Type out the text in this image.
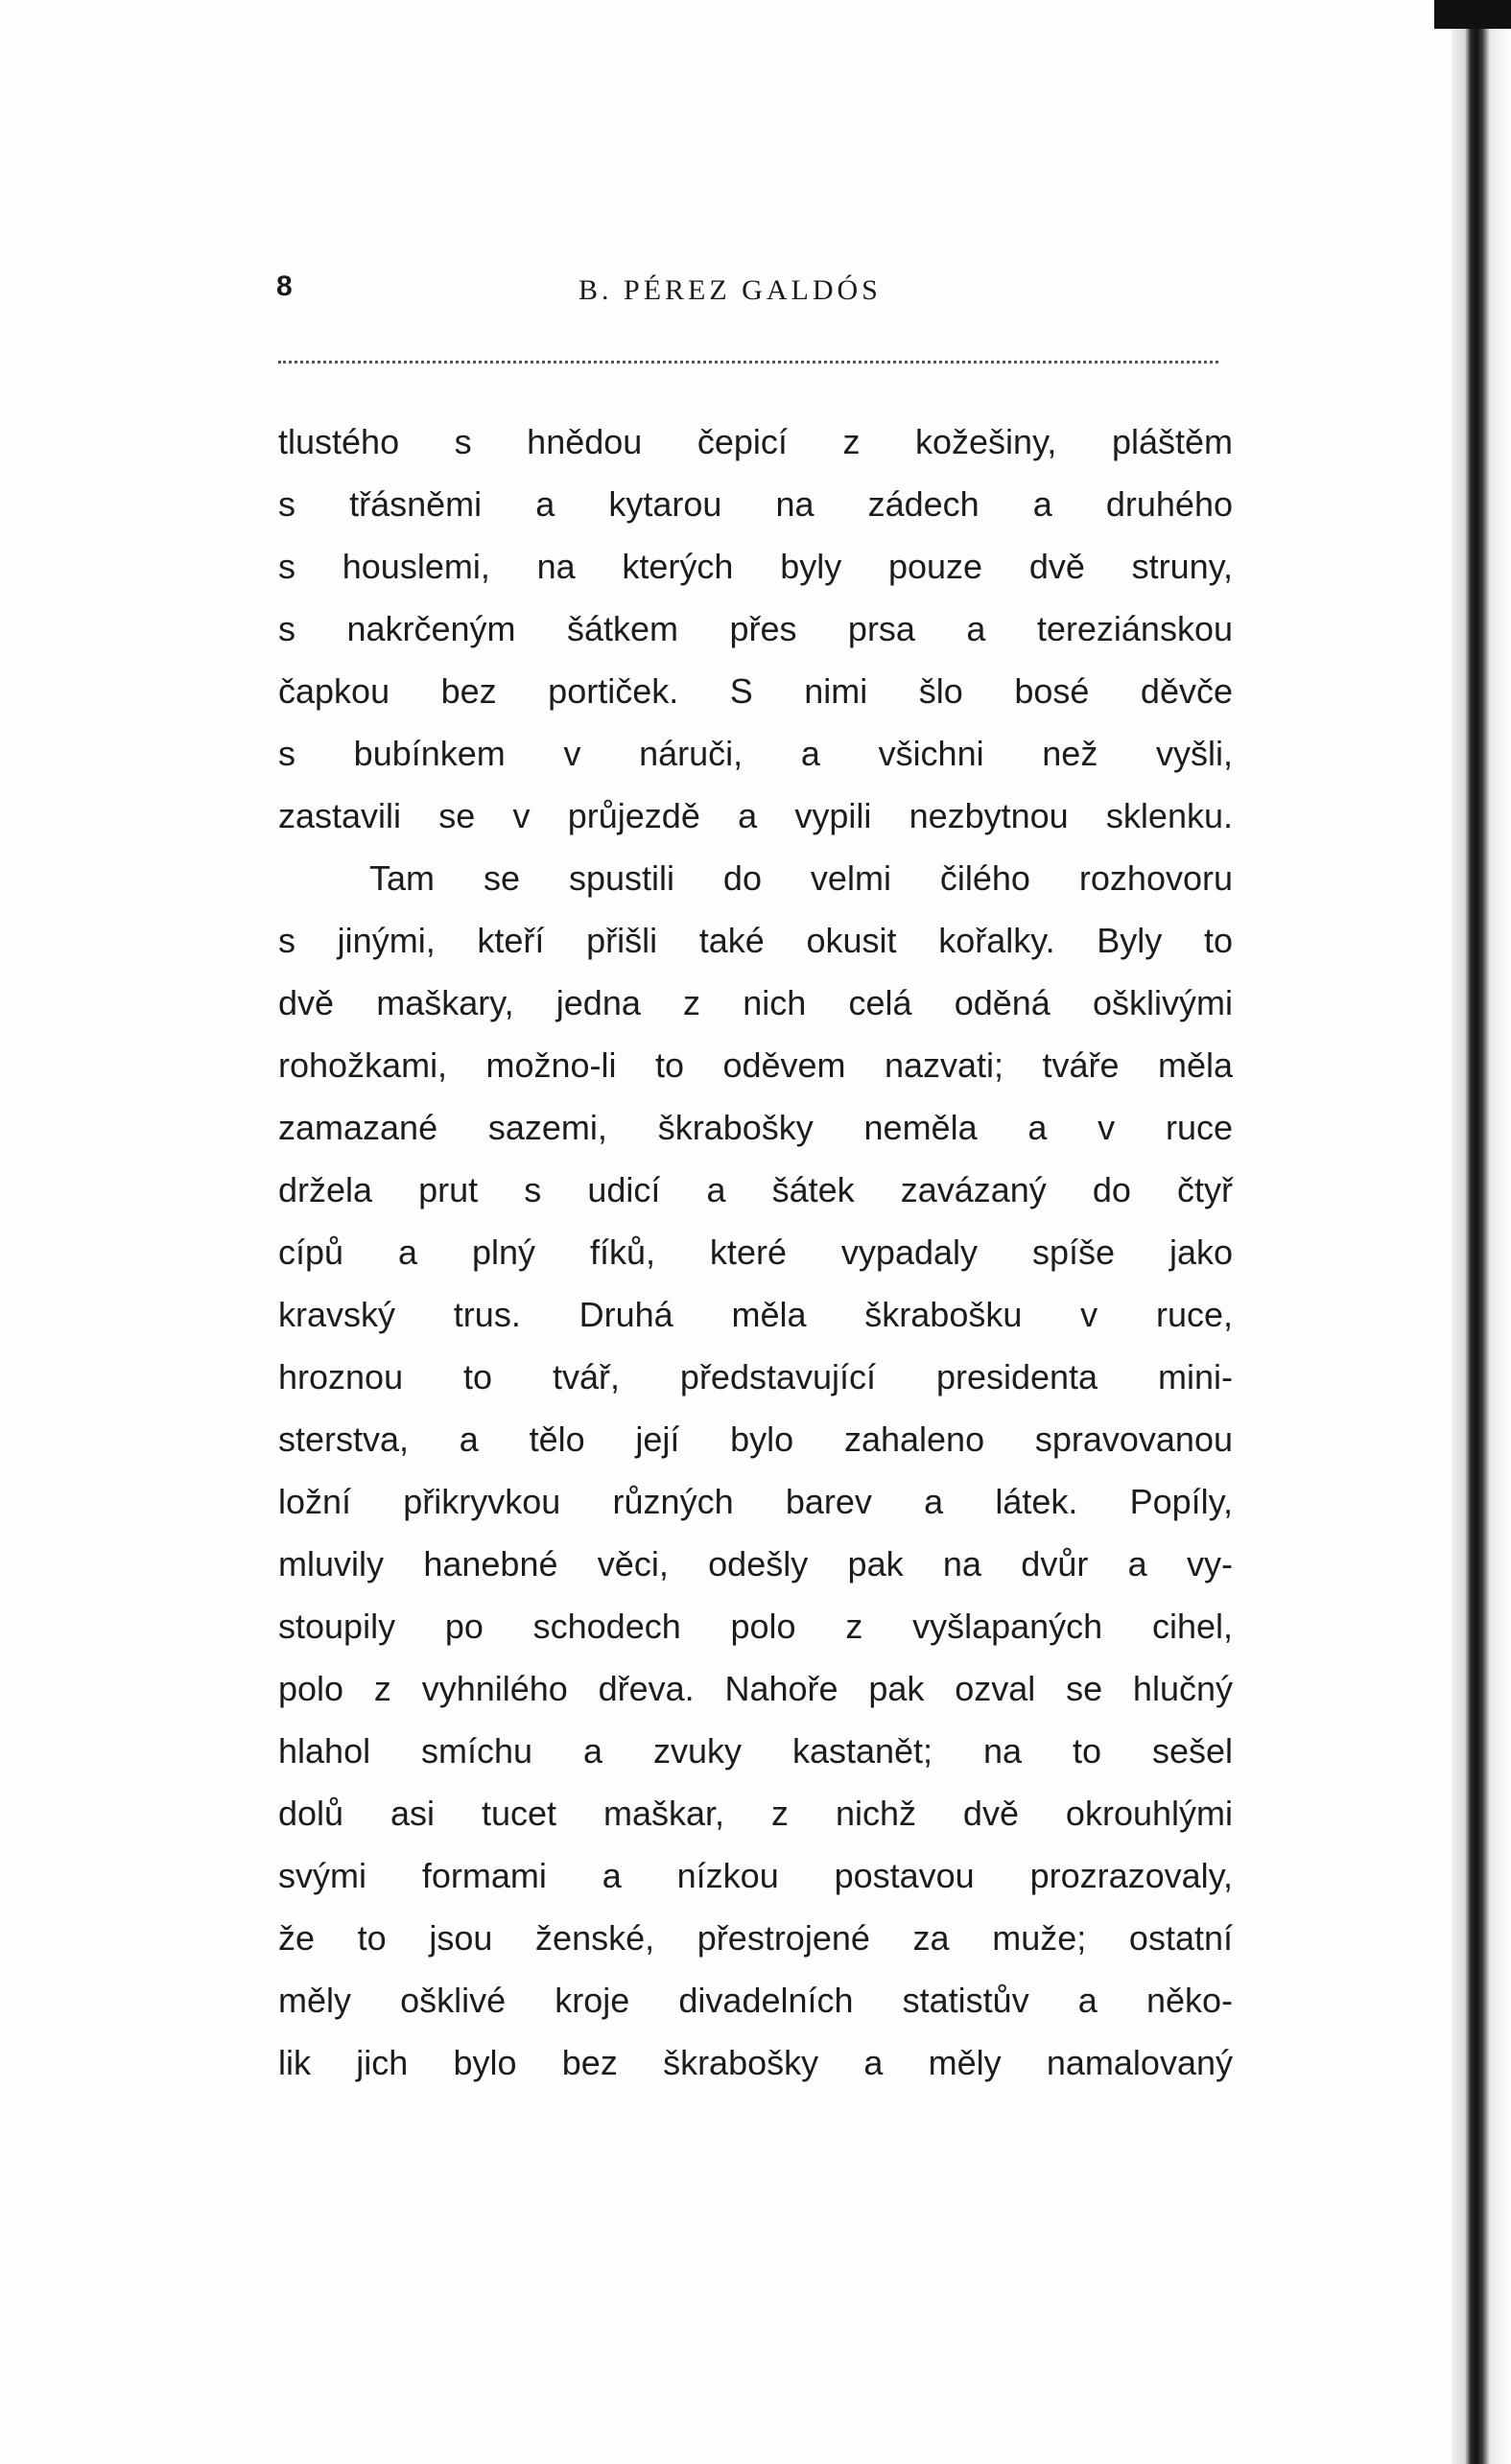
8	B. PÉREZ GALDÓS
tlustého s hnědou čepicí z kožešiny, pláštěm
s třásněmi a kytarou na zádech a druhého
s houslemi, na kterých byly pouze dvě struny,
s nakrčeným šátkem přes prsa a tereziánskou
čapkou bez portiček. S nimi šlo bosé děvče
s bubínkem v náruči, a všichni než vyšli,
zastavili se v průjezdě a vypili nezbytnou sklenku.
Tam se spustili do velmi čilého rozhovoru
s jinými, kteří přišli také okusit kořalky. Byly to
dvě maškary, jedna z nich celá oděná ošklivými
rohožkami, možno-li to oděvem nazvati; tváře měla
zamazané sazemi, škrabošky neměla a v ruce
držela prut s udicí a šátek zavázaný do čtyř
cípů a plný fíků, které vypadaly spíše jako
kravský trus. Druhá měla škrabošku v ruce,
hroznou to tvář, představující presidenta mini-
sterstva, a tělo její bylo zahaleno spravovanou
ložní přikryvkou různých barev a látek. Popíly,
mluvily hanebné věci, odešly pak na dvůr a vy-
stoupily po schodech polo z vyšlapaných cihel,
polo z vyhnilého dřeva. Nahoře pak ozval se hlučný
hlahol smíchu a zvuky kastanět; na to sešel
dolů asi tucet maškar, z nichž dvě okrouhlými
svými formami a nízkou postavou prozrazovaly,
že to jsou ženské, přestrojené za muže; ostatní
měly ošklivé kroje divadelních statistův a něko-
lik jich bylo bez škrabošky a měly namalovaný
